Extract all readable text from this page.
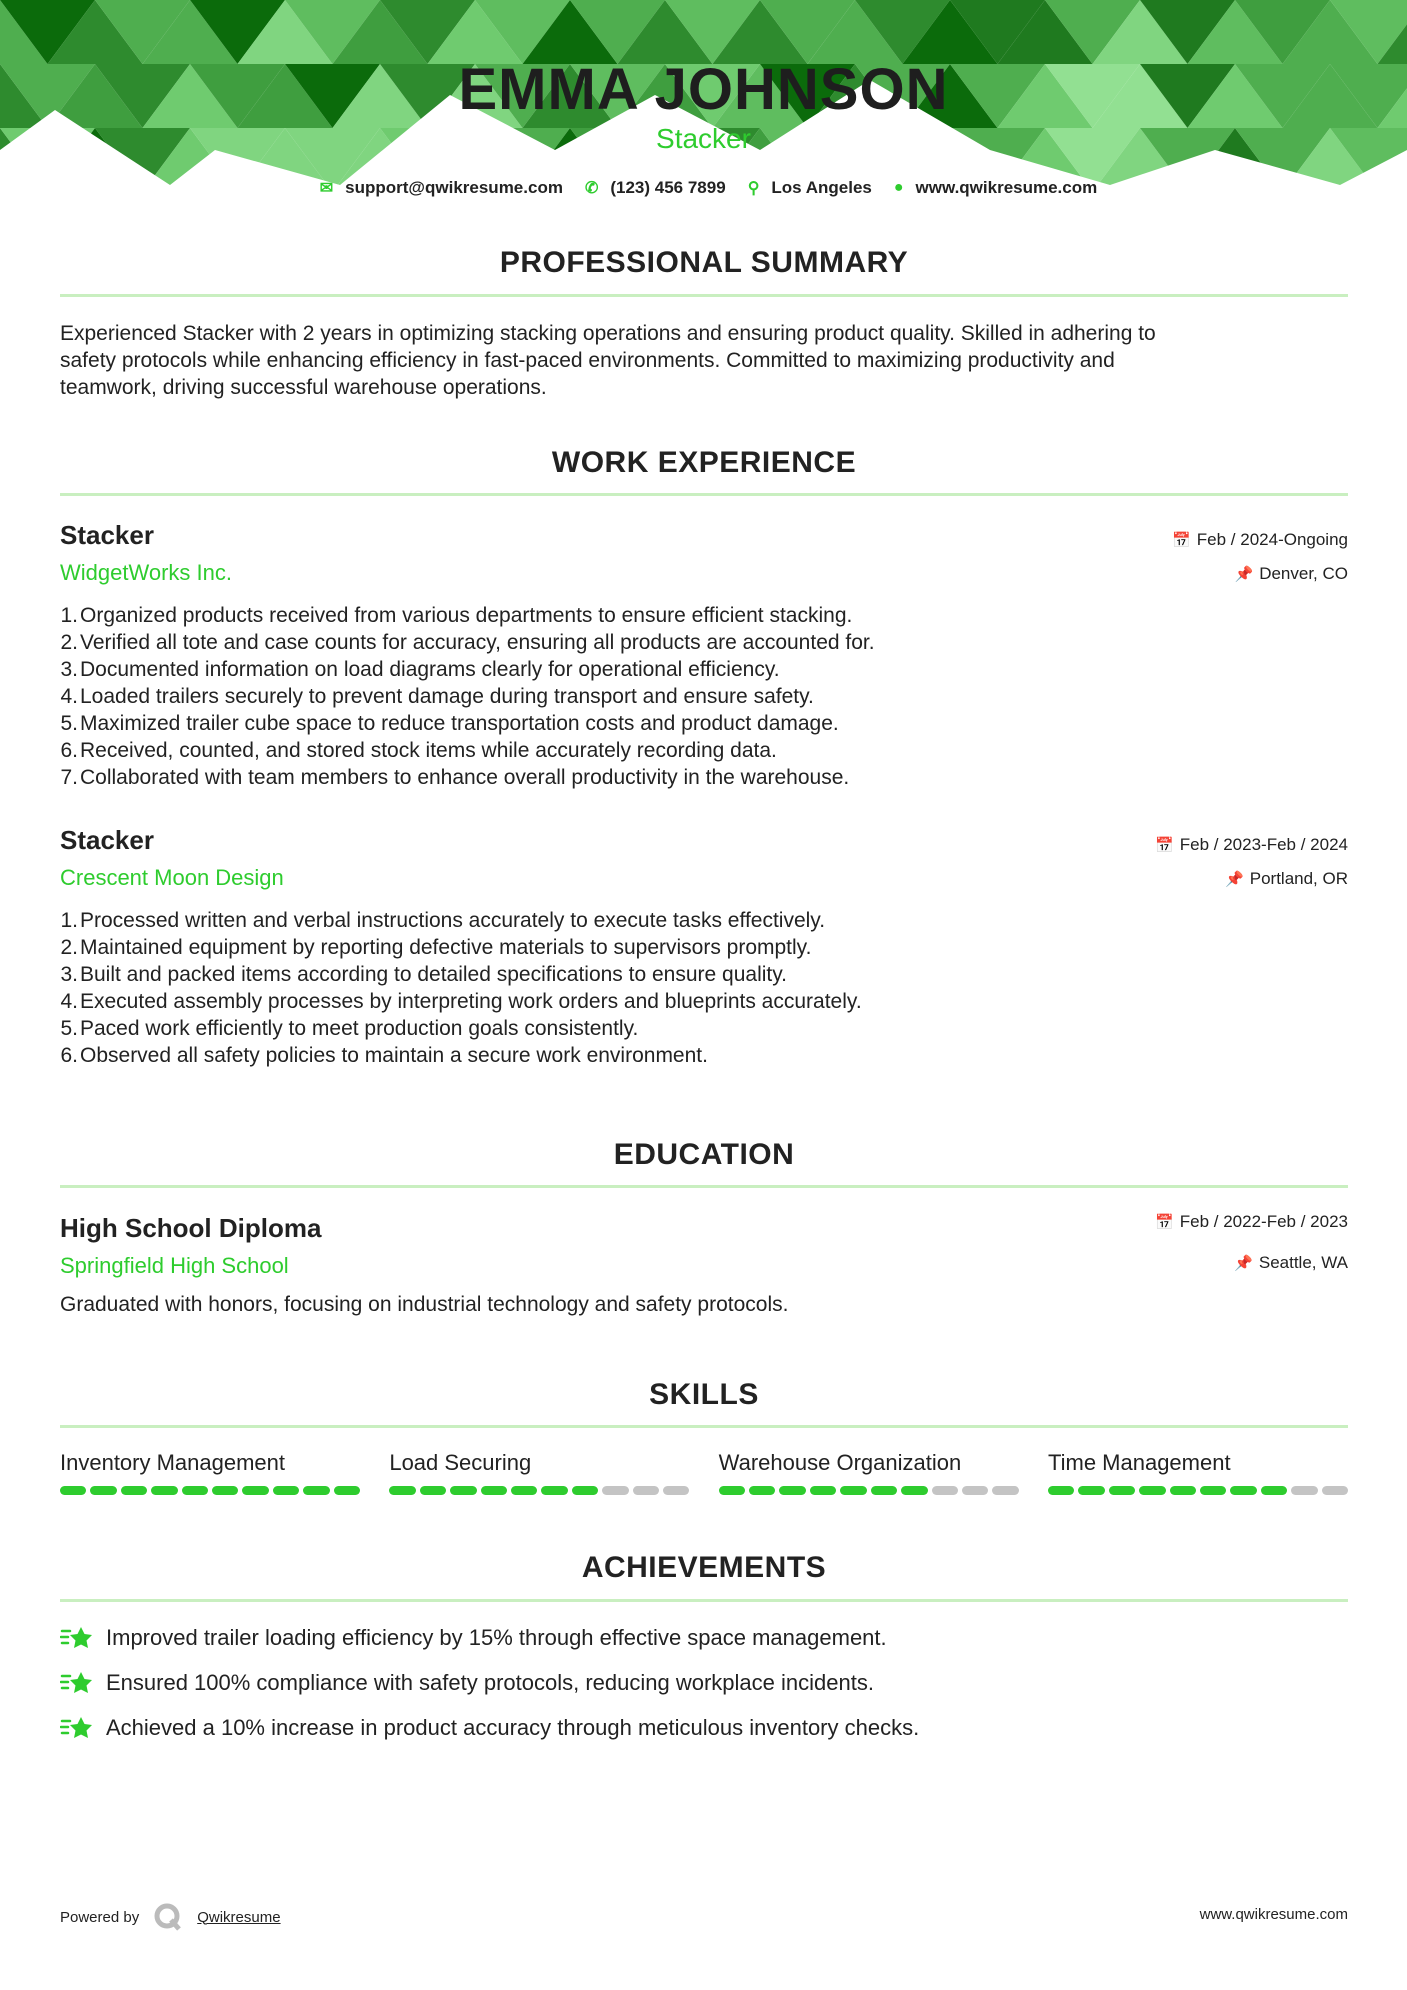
EMMA JOHNSON
Stacker
✉ support@qwikresume.com ✆ (123) 456 7899 ⚲ Los Angeles ● www.qwikresume.com
PROFESSIONAL SUMMARY
Experienced Stacker with 2 years in optimizing stacking operations and ensuring product quality. Skilled in adhering to
safety protocols while enhancing efficiency in fast-paced environments. Committed to maximizing productivity and
teamwork, driving successful warehouse operations.
WORK EXPERIENCE
Stacker
WidgetWorks Inc.
📅 Feb / 2024-Ongoing
📌 Denver, CO
1. Organized products received from various departments to ensure efficient stacking.
2. Verified all tote and case counts for accuracy, ensuring all products are accounted for.
3. Documented information on load diagrams clearly for operational efficiency.
4. Loaded trailers securely to prevent damage during transport and ensure safety.
5. Maximized trailer cube space to reduce transportation costs and product damage.
6. Received, counted, and stored stock items while accurately recording data.
7. Collaborated with team members to enhance overall productivity in the warehouse.
Stacker
Crescent Moon Design
📅 Feb / 2023-Feb / 2024
📌 Portland, OR
1. Processed written and verbal instructions accurately to execute tasks effectively.
2. Maintained equipment by reporting defective materials to supervisors promptly.
3. Built and packed items according to detailed specifications to ensure quality.
4. Executed assembly processes by interpreting work orders and blueprints accurately.
5. Paced work efficiently to meet production goals consistently.
6. Observed all safety policies to maintain a secure work environment.
EDUCATION
High School Diploma
Springfield High School
📅 Feb / 2022-Feb / 2023
📌 Seattle, WA
Graduated with honors, focusing on industrial technology and safety protocols.
SKILLS
Inventory Management	Load Securing	Warehouse Organization	Time Management
ACHIEVEMENTS
Improved trailer loading efficiency by 15% through effective space management.
Ensured 100% compliance with safety protocols, reducing workplace incidents.
Achieved a 10% increase in product accuracy through meticulous inventory checks.
Powered by	Qwikresume	www.qwikresume.com
